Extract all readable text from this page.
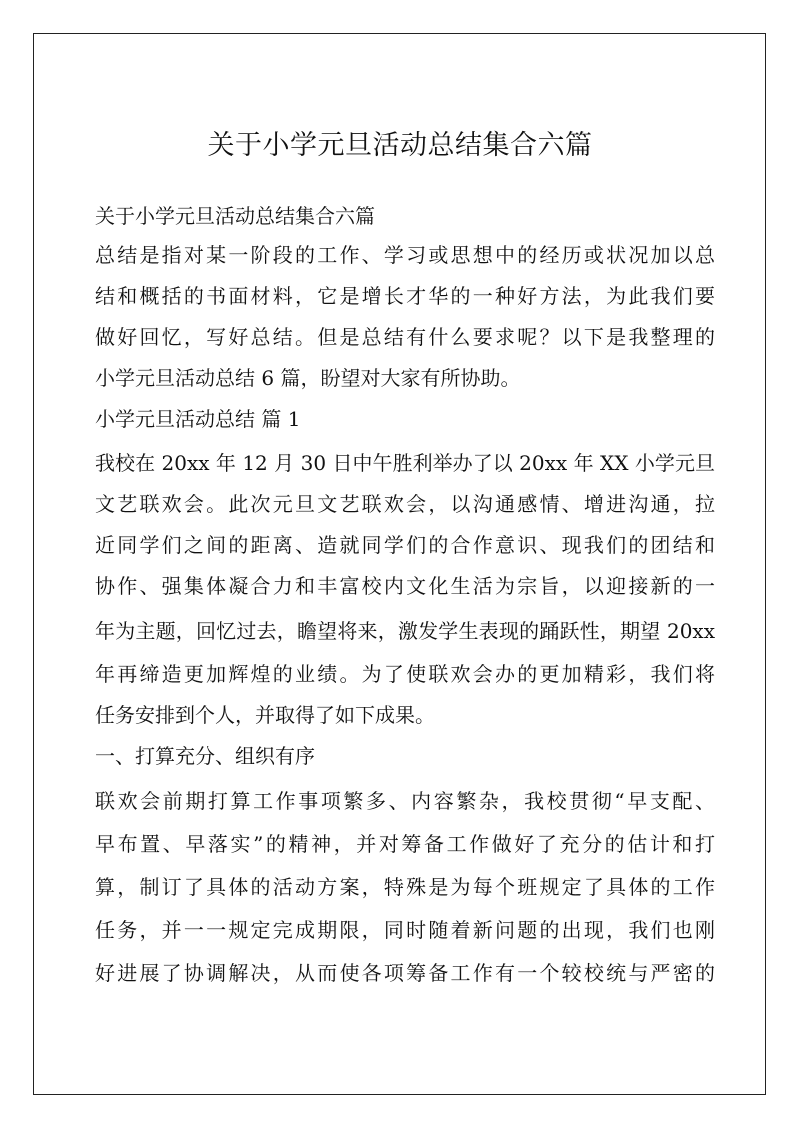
关于小学元旦活动总结集合六篇

关于小学元旦活动总结集合六篇

总结是指对某一阶段的工作、学习或思想中的经历或状况加以总

结和概括的书面材料，它是增长才华的一种好方法，为此我们要

做好回忆，写好总结。但是总结有什么要求呢？以下是我整理的

小学元旦活动总结 6 篇，盼望对大家有所协助。

小学元旦活动总结 篇 1

我校在 20xx 年 12 月 30 日中午胜利举办了以 20xx 年 XX 小学元旦

文艺联欢会。此次元旦文艺联欢会，以沟通感情、增进沟通，拉

近同学们之间的距离、造就同学们的合作意识、现我们的团结和

协作、强集体凝合力和丰富校内文化生活为宗旨，以迎接新的一

年为主题，回忆过去，瞻望将来，激发学生表现的踊跃性，期望 20xx

年再缔造更加辉煌的业绩。为了使联欢会办的更加精彩，我们将

任务安排到个人，并取得了如下成果。

一、打算充分、组织有序

联欢会前期打算工作事项繁多、内容繁杂，我校贯彻“早支配、

早布置、早落实”的精神，并对筹备工作做好了充分的估计和打

算，制订了具体的活动方案，特殊是为每个班规定了具体的工作

任务，并一一规定完成期限，同时随着新问题的出现，我们也刚

好进展了协调解决，从而使各项筹备工作有一个较校统与严密的
